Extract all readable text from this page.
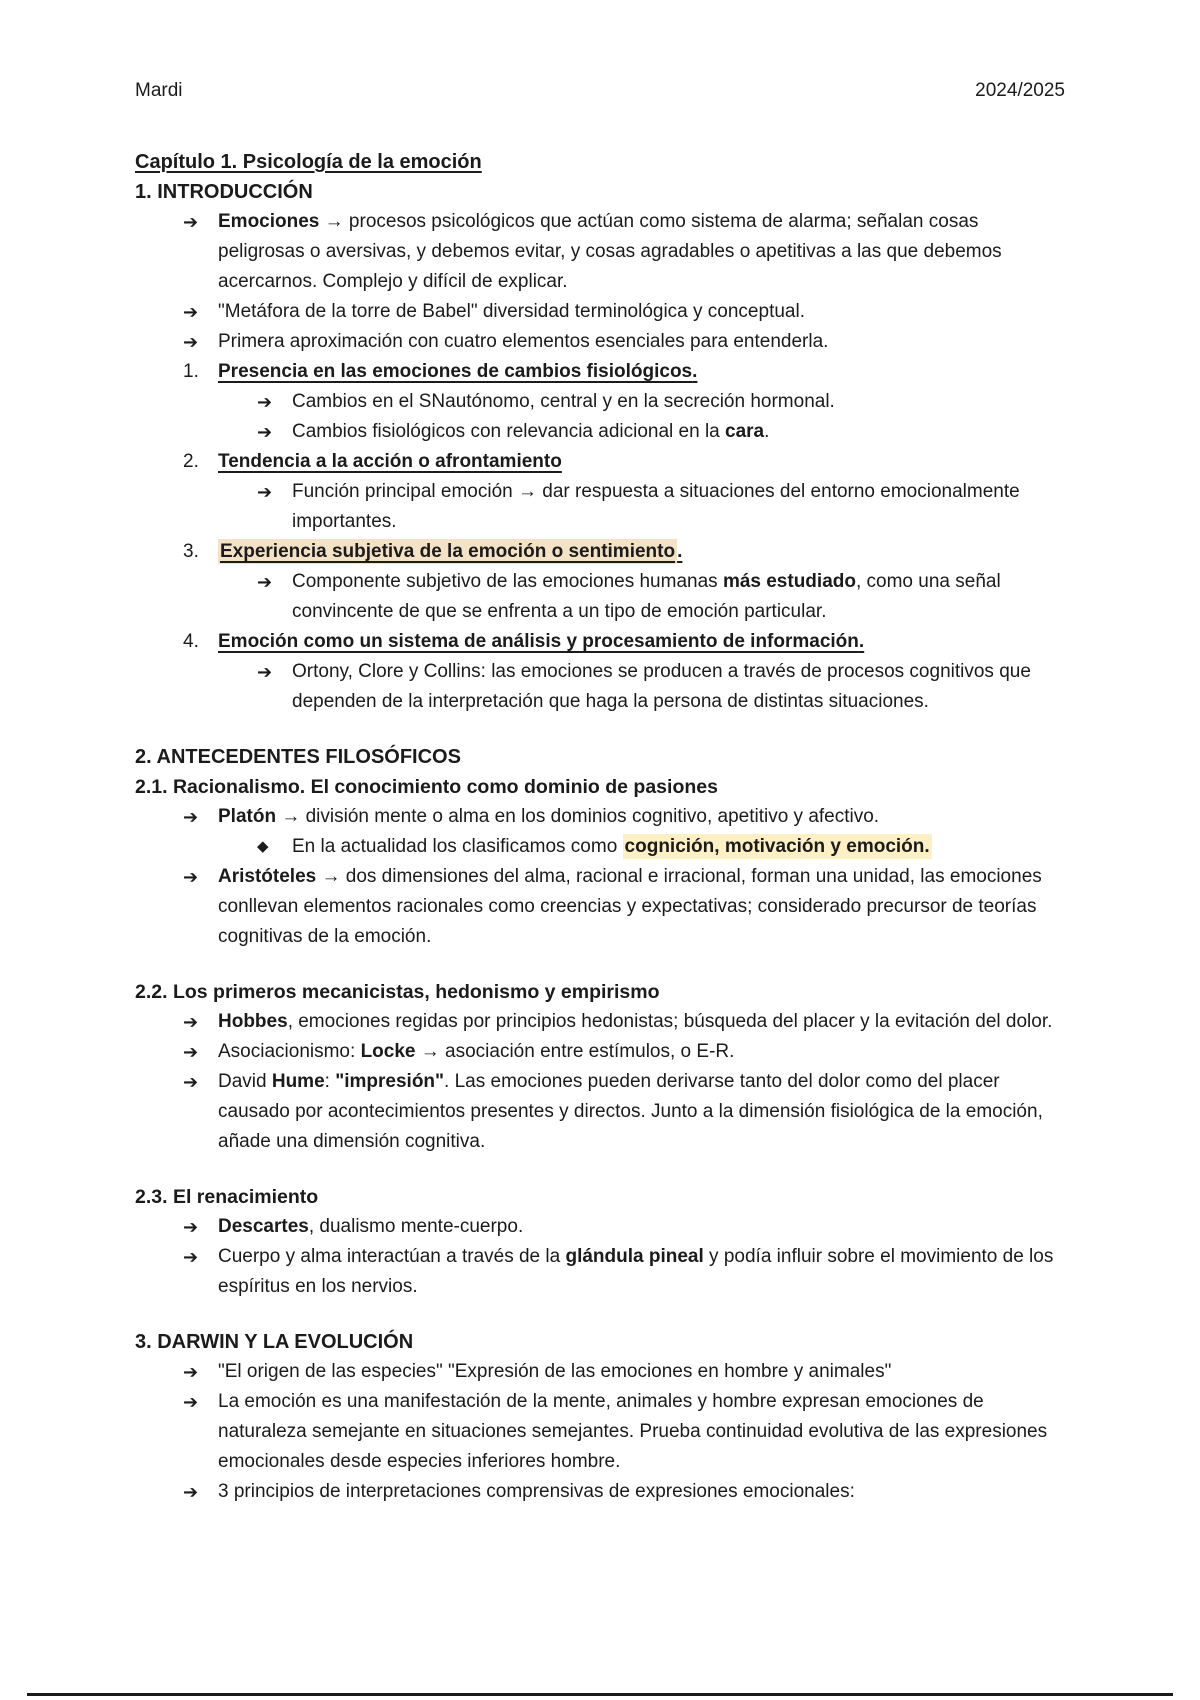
Mardi	2024/2025
Capítulo 1. Psicología de la emoción
1. INTRODUCCIÓN
➔	Emociones → procesos psicológicos que actúan como sistema de alarma; señalan cosas peligrosas o aversivas, y debemos evitar, y cosas agradables o apetitivas a las que debemos acercarnos. Complejo y difícil de explicar.
➔	"Metáfora de la torre de Babel" diversidad terminológica y conceptual.
➔	Primera aproximación con cuatro elementos esenciales para entenderla.
1.	Presencia en las emociones de cambios fisiológicos.
➔	Cambios en el SNautónomo, central y en la secreción hormonal.
➔	Cambios fisiológicos con relevancia adicional en la cara.
2.	Tendencia a la acción o afrontamiento
➔	Función principal emoción → dar respuesta a situaciones del entorno emocionalmente importantes.
3.	Experiencia subjetiva de la emoción o sentimiento .
➔	Componente subjetivo de las emociones humanas más estudiado, como una señal convincente de que se enfrenta a un tipo de emoción particular.
4.	Emoción como un sistema de análisis y procesamiento de información.
➔	Ortony, Clore y Collins: las emociones se producen a través de procesos cognitivos que dependen de la interpretación que haga la persona de distintas situaciones.
2. ANTECEDENTES FILOSÓFICOS
2.1. Racionalismo. El conocimiento como dominio de pasiones
➔	Platón → división mente o alma en los dominios cognitivo, apetitivo y afectivo.
◆	En la actualidad los clasificamos como cognición, motivación y emoción.
➔	Aristóteles → dos dimensiones del alma, racional e irracional, forman una unidad, las emociones conllevan elementos racionales como creencias y expectativas; considerado precursor de teorías cognitivas de la emoción.
2.2. Los primeros mecanicistas, hedonismo y empirismo
➔	Hobbes, emociones regidas por principios hedonistas; búsqueda del placer y la evitación del dolor.
➔	Asociacionismo: Locke → asociación entre estímulos, o E-R.
➔	David Hume: "impresión". Las emociones pueden derivarse tanto del dolor como del placer causado por acontecimientos presentes y directos. Junto a la dimensión fisiológica de la emoción, añade una dimensión cognitiva.
2.3. El renacimiento
➔	Descartes, dualismo mente-cuerpo.
➔	Cuerpo y alma interactúan a través de la glándula pineal y podía influir sobre el movimiento de los espíritus en los nervios.
3. DARWIN Y LA EVOLUCIÓN
➔	"El origen de las especies" "Expresión de las emociones en hombre y animales"
➔	La emoción es una manifestación de la mente, animales y hombre expresan emociones de naturaleza semejante en situaciones semejantes. Prueba continuidad evolutiva de las expresiones emocionales desde especies inferiores hombre.
➔	3 principios de interpretaciones comprensivas de expresiones emocionales:
